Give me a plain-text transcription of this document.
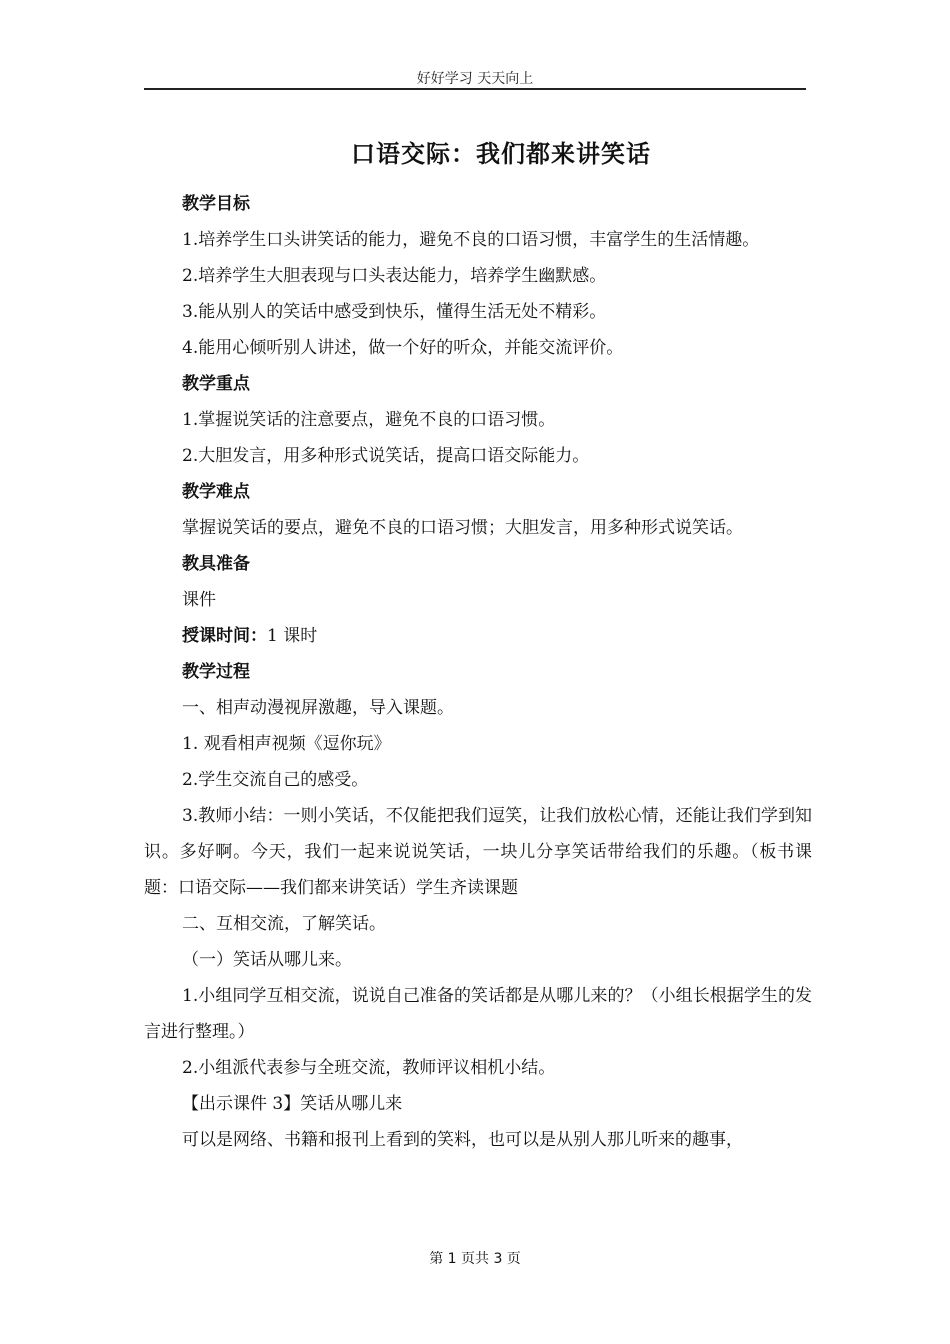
好好学习 天天向上
口语交际：我们都来讲笑话

教学目标

1.培养学生口头讲笑话的能力，避免不良的口语习惯，丰富学生的生活情趣。

2.培养学生大胆表现与口头表达能力，培养学生幽默感。

3.能从别人的笑话中感受到快乐，懂得生活无处不精彩。

4.能用心倾听别人讲述，做一个好的听众，并能交流评价。

教学重点

1.掌握说笑话的注意要点，避免不良的口语习惯。

2.大胆发言，用多种形式说笑话，提高口语交际能力。

教学难点

掌握说笑话的要点，避免不良的口语习惯；大胆发言，用多种形式说笑话。

教具准备

课件

授课时间：1 课时

教学过程

一、相声动漫视屏激趣，导入课题。

1. 观看相声视频《逗你玩》

2.学生交流自己的感受。

3.教师小结：一则小笑话，不仅能把我们逗笑，让我们放松心情，还能让我们学到知识。多好啊。今天，我们一起来说说笑话，一块儿分享笑话带给我们的乐趣。（板书课题：口语交际——我们都来讲笑话）学生齐读课题

二、互相交流，了解笑话。

（一）笑话从哪儿来。

1.小组同学互相交流，说说自己准备的笑话都是从哪儿来的？（小组长根据学生的发言进行整理。）

2.小组派代表参与全班交流，教师评议相机小结。

【出示课件 3】笑话从哪儿来

可以是网络、书籍和报刊上看到的笑料，也可以是从别人那儿听来的趣事，

第 1 页共 3 页
